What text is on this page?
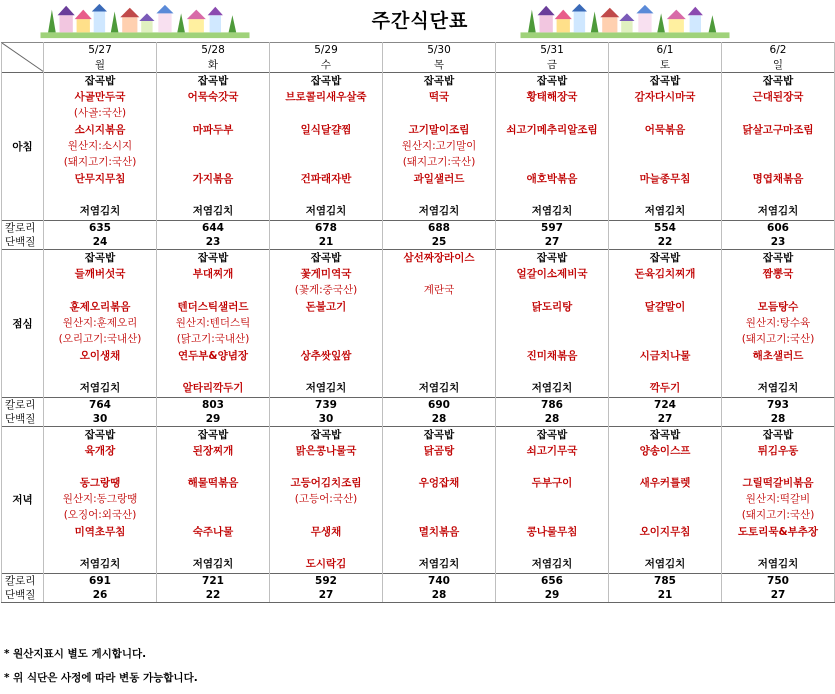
주간식단표
	5/27	5/28	5/29	5/30	5/31	6/1	6/2
	월	화	수	목	금	토	일
아침	잡곡밥	잡곡밥	잡곡밥	잡곡밥	잡곡밥	잡곡밥	잡곡밥
	사골만두국	어묵숙갓국	브로콜리새우살죽	떡국	황태해장국	감자다시마국	근대된장국
	(사골:국산)						
	소시지볶음	마파두부	일식달걀찜	고기말이조림	쇠고기메추리알조림	어묵볶음	닭살고구마조림
	원산지:소시지			원산지:고기말이			
	(돼지고기:국산)			(돼지고기:국산)			
	단무지무침	가지볶음	건파래자반	과일샐러드	애호박볶음	마늘종무침	명엽채볶음

	저염김치	저염김치	저염김치	저염김치	저염김치	저염김치	저염김치
칼로리	635	644	678	688	597	554	606
단백질	24	23	21	25	27	22	23
점심	잡곡밥	잡곡밥	잡곡밥	삼선짜장라이스	잡곡밥	잡곡밥	잡곡밥
	들깨버섯국	부대찌개	꽃게미역국		얼갈이소제비국	돈육김치찌개	짬뽕국
			(꽃게:중국산)	계란국			
	훈제오리볶음	텐더스틱샐러드	돈불고기		닭도리탕	달걀말이	모듬탕수
	원산지:훈제오리	원산지:텐더스틱					원산지:탕수육
	(오리고기:국내산)	(닭고기:국내산)					(돼지고기:국산)
	오이생채	연두부&양념장	상추쌋잎쌈		진미채볶음	시금치나물	해초샐러드

	저염김치	알타리깍두기	저염김치	저염김치	저염김치	깍두기	저염김치
칼로리	764	803	739	690	786	724	793
단백질	30	29	30	28	28	27	28
저녁	잡곡밥	잡곡밥	잡곡밥	잡곡밥	잡곡밥	잡곡밥	잡곡밥
	육개장	된장찌개	맑은콩나물국	닭곰탕	쇠고기무국	양송이스프	튀김우동

	동그랑땡	해물떡볶음	고등어김치조림	우엉잡채	두부구이	새우커틀렛	그릴떡갈비볶음
	원산지:동그랑땡		(고등어:국산)				원산지:떡갈비
	(오징어:외국산)						(돼지고기:국산)
	미역초무침	숙주나물	무생채	멸치볶음	콩나물무침	오이지무침	도토리묵&부추장

	저염김치	저염김치	도시락김	저염김치	저염김치	저염김치	저염김치
칼로리	691	721	592	740	656	785	750
단백질	26	22	27	28	29	21	27
* 원산지표시 별도 게시합니다.
* 위 식단은 사정에 따라 변동 가능합니다.
